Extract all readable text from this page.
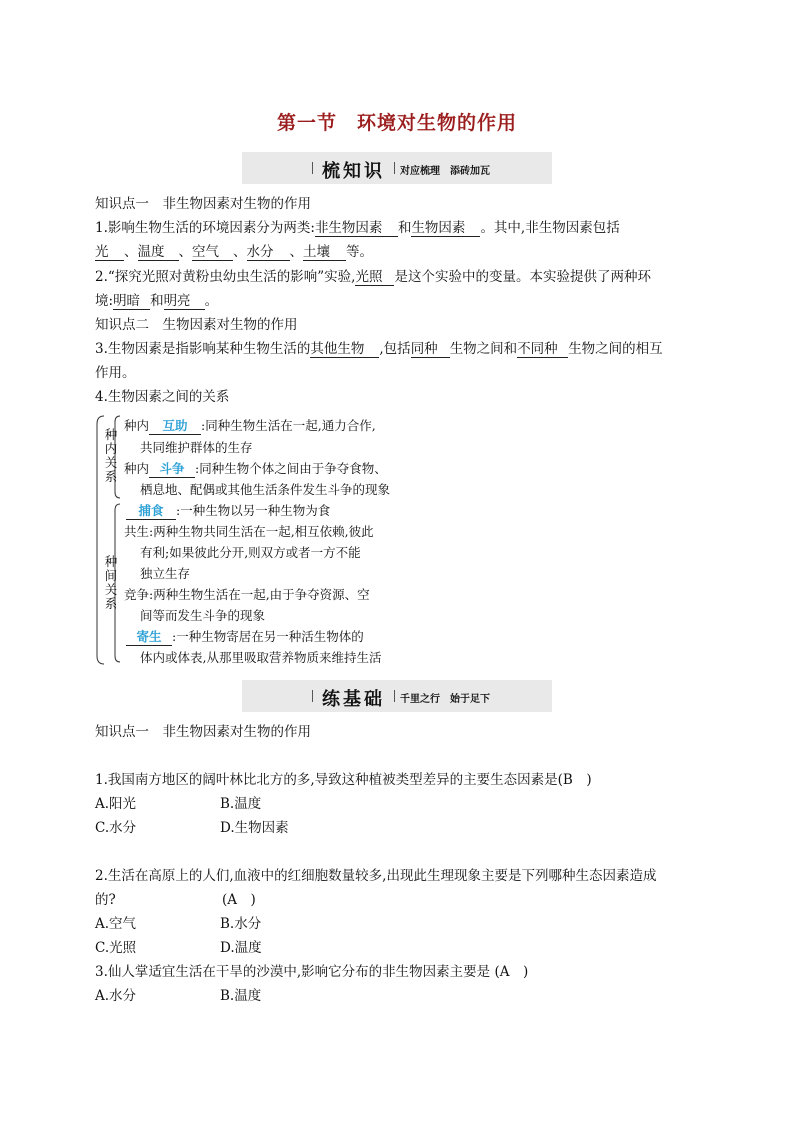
第一节　环境对生物的作用
梳知识 对应梳理　添砖加瓦
知识点一　非生物因素对生物的作用
1.影响生物生活的环境因素分为两类:非生物因素 和生物因素 。其中,非生物因素包括
光 、温度 、空气 、水分 、土壤 等。
2.“探究光照对黄粉虫幼虫生活的影响”实验,光照 是这个实验中的变量。本实验提供了两种环
境:明暗 和明亮 。
知识点二　生物因素对生物的作用
3.生物因素是指影响某种生物生活的其他生物 ,包括同种 生物之间和不同种 生物之间的相互
作用。
4.生物因素之间的关系
种内关系
种间关系
种内 互助 :同种生物生活在一起,通力合作,
共同维护群体的生存
种内 斗争 :同种生物个体之间由于争夺食物、
栖息地、配偶或其他生活条件发生斗争的现象
捕食 :一种生物以另一种生物为食
共生:两种生物共同生活在一起,相互依赖,彼此
有利;如果彼此分开,则双方或者一方不能
独立生存
竞争:两种生物生活在一起,由于争夺资源、空
间等而发生斗争的现象
寄生 :一种生物寄居在另一种活生物体的
体内或体表,从那里吸取营养物质来维持生活
练基础 千里之行　始于足下
知识点一　非生物因素对生物的作用
1.我国南方地区的阔叶林比北方的多,导致这种植被类型差异的主要生态因素是(B　)
A.阳光	B.温度
C.水分	D.生物因素
2.生活在高原上的人们,血液中的红细胞数量较多,出现此生理现象主要是下列哪种生态因素造成
的?	(A　)
A.空气	B.水分
C.光照	D.温度
3.仙人掌适宜生活在干旱的沙漠中,影响它分布的非生物因素主要是 (A　)
A.水分	B.温度
